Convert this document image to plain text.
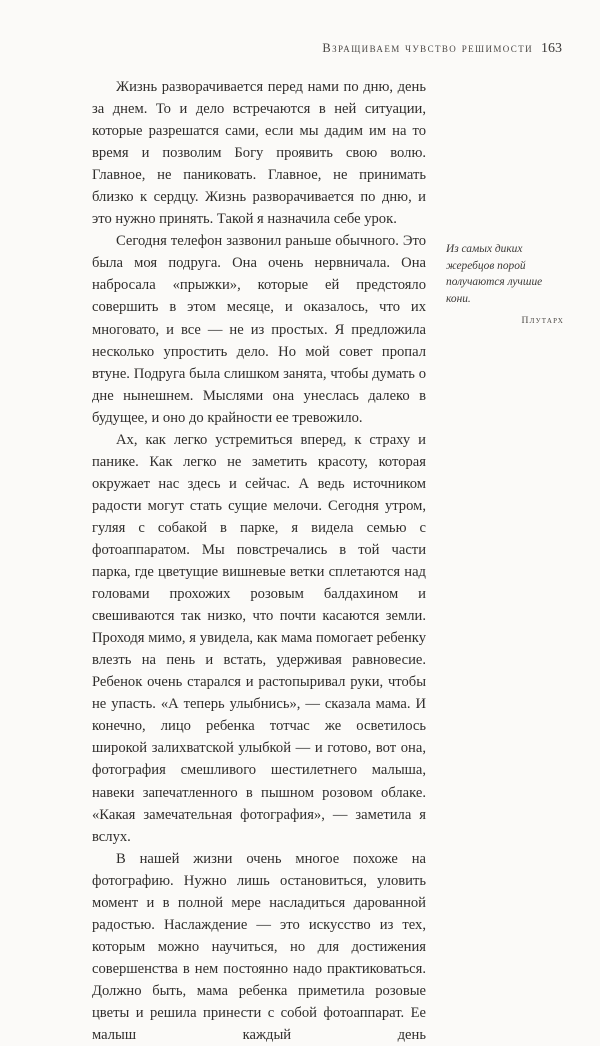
Взращиваем чувство решимости 163

Жизнь разворачивается перед нами по дню, день за днем. То и дело встречаются в ней ситуации, которые разрешатся сами, если мы дадим им на то время и позволим Богу проявить свою волю. Главное, не паниковать. Главное, не принимать близко к сердцу. Жизнь разворачивается по дню, и это нужно принять. Такой я назначила себе урок.

Сегодня телефон зазвонил раньше обычного. Это была моя подруга. Она очень нервничала. Она набросала «прыжки», которые ей предстояло совершить в этом месяце, и оказалось, что их многовато, и все — не из простых. Я предложила несколько упростить дело. Но мой совет пропал втуне. Подруга была слишком занята, чтобы думать о дне нынешнем. Мыслями она унеслась далеко в будущее, и оно до крайности ее тревожило.

Ах, как легко устремиться вперед, к страху и панике. Как легко не заметить красоту, которая окружает нас здесь и сейчас. А ведь источником радости могут стать сущие мелочи. Сегодня утром, гуляя с собакой в парке, я видела семью с фотоаппаратом. Мы повстречались в той части парка, где цветущие вишневые ветки сплетаются над головами прохожих розовым балдахином и свешиваются так низко, что почти касаются земли. Проходя мимо, я увидела, как мама помогает ребенку влезть на пень и встать, удерживая равновесие. Ребенок очень старался и растопыривал руки, чтобы не упасть. «А теперь улыбнись», — сказала мама. И конечно, лицо ребенка тотчас же осветилось широкой залихватской улыбкой — и готово, вот она, фотография смешливого шестилетнего малыша, навеки запечатленного в пышном розовом облаке. «Какая замечательная фотография», — заметила я вслух.

В нашей жизни очень многое похоже на фотографию. Нужно лишь остановиться, уловить момент и в полной мере насладиться дарованной радостью. Наслаждение — это искусство из тех, которым можно научиться, но для достижения совершенства в нем постоянно надо практиковаться. Должно быть, мама ребенка приметила розовые цветы и решила принести с собой фотоаппарат. Ее малыш каждый день

Из самых диких жеребцов порой получаются лучшие кони.

Плутарх
